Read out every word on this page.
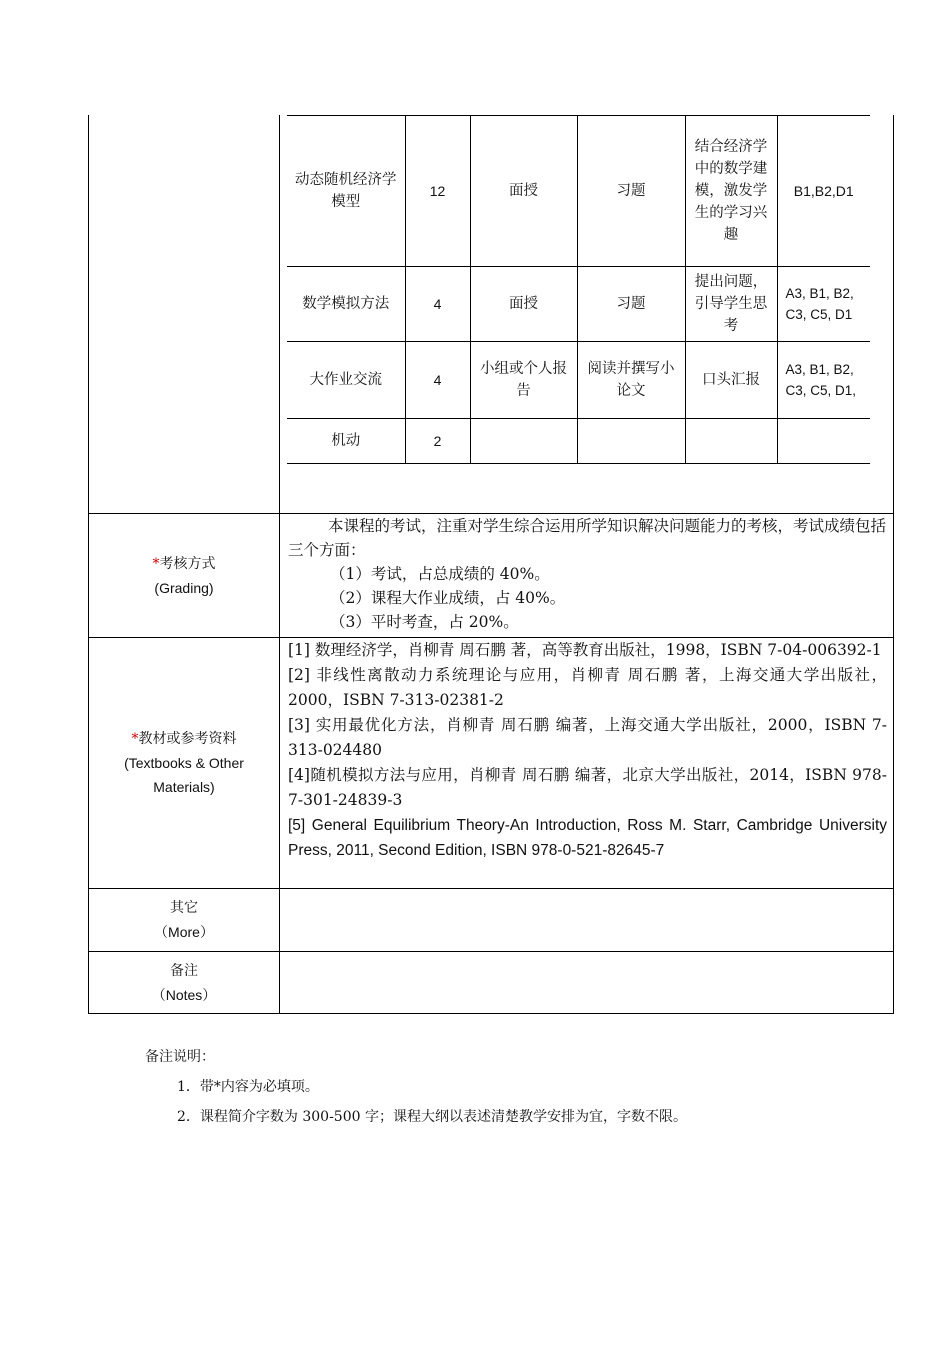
动态随机经济学模型	12	面授	习题	结合经济学中的数学建模，激发学生的学习兴趣	B1,B2,D1
数学模拟方法	4	面授	习题	提出问题，引导学生思考	A3, B1, B2, C3, C5, D1
大作业交流	4	小组或个人报告	阅读并撰写小论文	口头汇报	A3, B1, B2, C3, C5, D1,
机动	2				
*考核方式
(Grading)

本课程的考试，注重对学生综合运用所学知识解决问题能力的考核，考试成绩包括三个方面：

（1）考试，占总成绩的 40%。

（2）课程大作业成绩，占 40%。

（3）平时考查，占 20%。

*教材或参考资料
(Textbooks & Other Materials)

[1] 数理经济学，肖柳青 周石鹏 著，高等教育出版社，1998，ISBN 7-04-006392-1

[2] 非线性离散动力系统理论与应用，肖柳青 周石鹏 著，上海交通大学出版社，2000，ISBN 7-313-02381-2

[3] 实用最优化方法，肖柳青 周石鹏 编著，上海交通大学出版社，2000，ISBN 7-313-024480

[4]随机模拟方法与应用，肖柳青 周石鹏 编著，北京大学出版社，2014，ISBN 978-7-301-24839-3

[5] General Equilibrium Theory-An Introduction, Ross M. Starr, Cambridge University Press, 2011, Second Edition, ISBN 978-0-521-82645-7

其它
（More）
备注
（Notes）
备注说明：
1．带*内容为必填项。
2．课程简介字数为 300-500 字；课程大纲以表述清楚教学安排为宜，字数不限。
